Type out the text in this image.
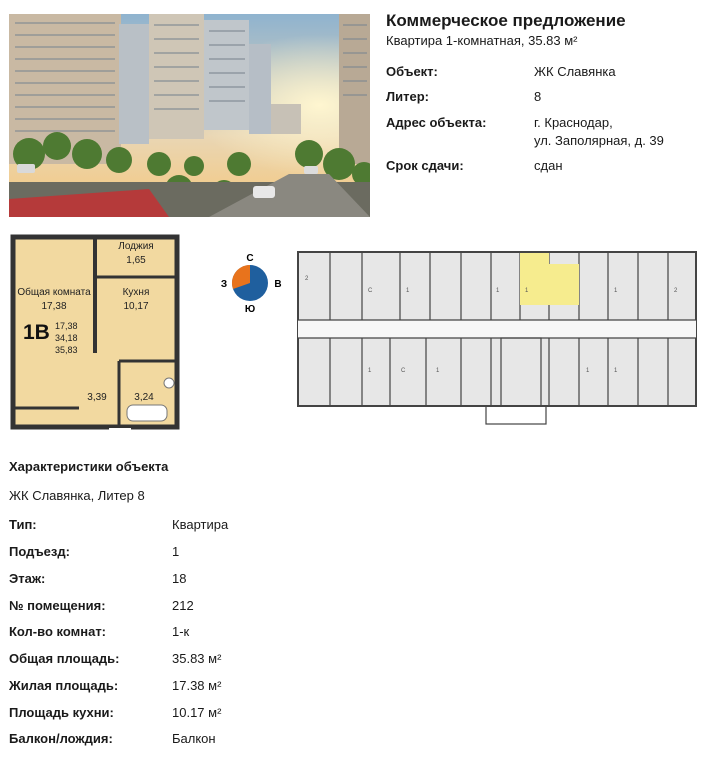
Коммерческое предложение
Квартира 1-комнатная, 35.83 м²
Объект:	ЖК Славянка
Литер:	8
Адрес объекта:	г. Краснодар,
ул. Заполярная, д. 39
Срок сдачи:	сдан
Лоджия
1,65
Общая комната
17,38
Кухня
10,17
1В 17,38
34,18
35,83
3,39	3,24
С
Ю
З	В	2
С	1	1	1	1	2
1	С	1	1	1
Характеристики объекта
ЖК Славянка, Литер 8
Тип:	Квартира
Подъезд:	1
Этаж:	18
№ помещения:	212
Кол-во комнат:	1-к
Общая площадь:	35.83 м²
Жилая площадь:	17.38 м²
Площадь кухни:	10.17 м²
Балкон/лождия:	Балкон
